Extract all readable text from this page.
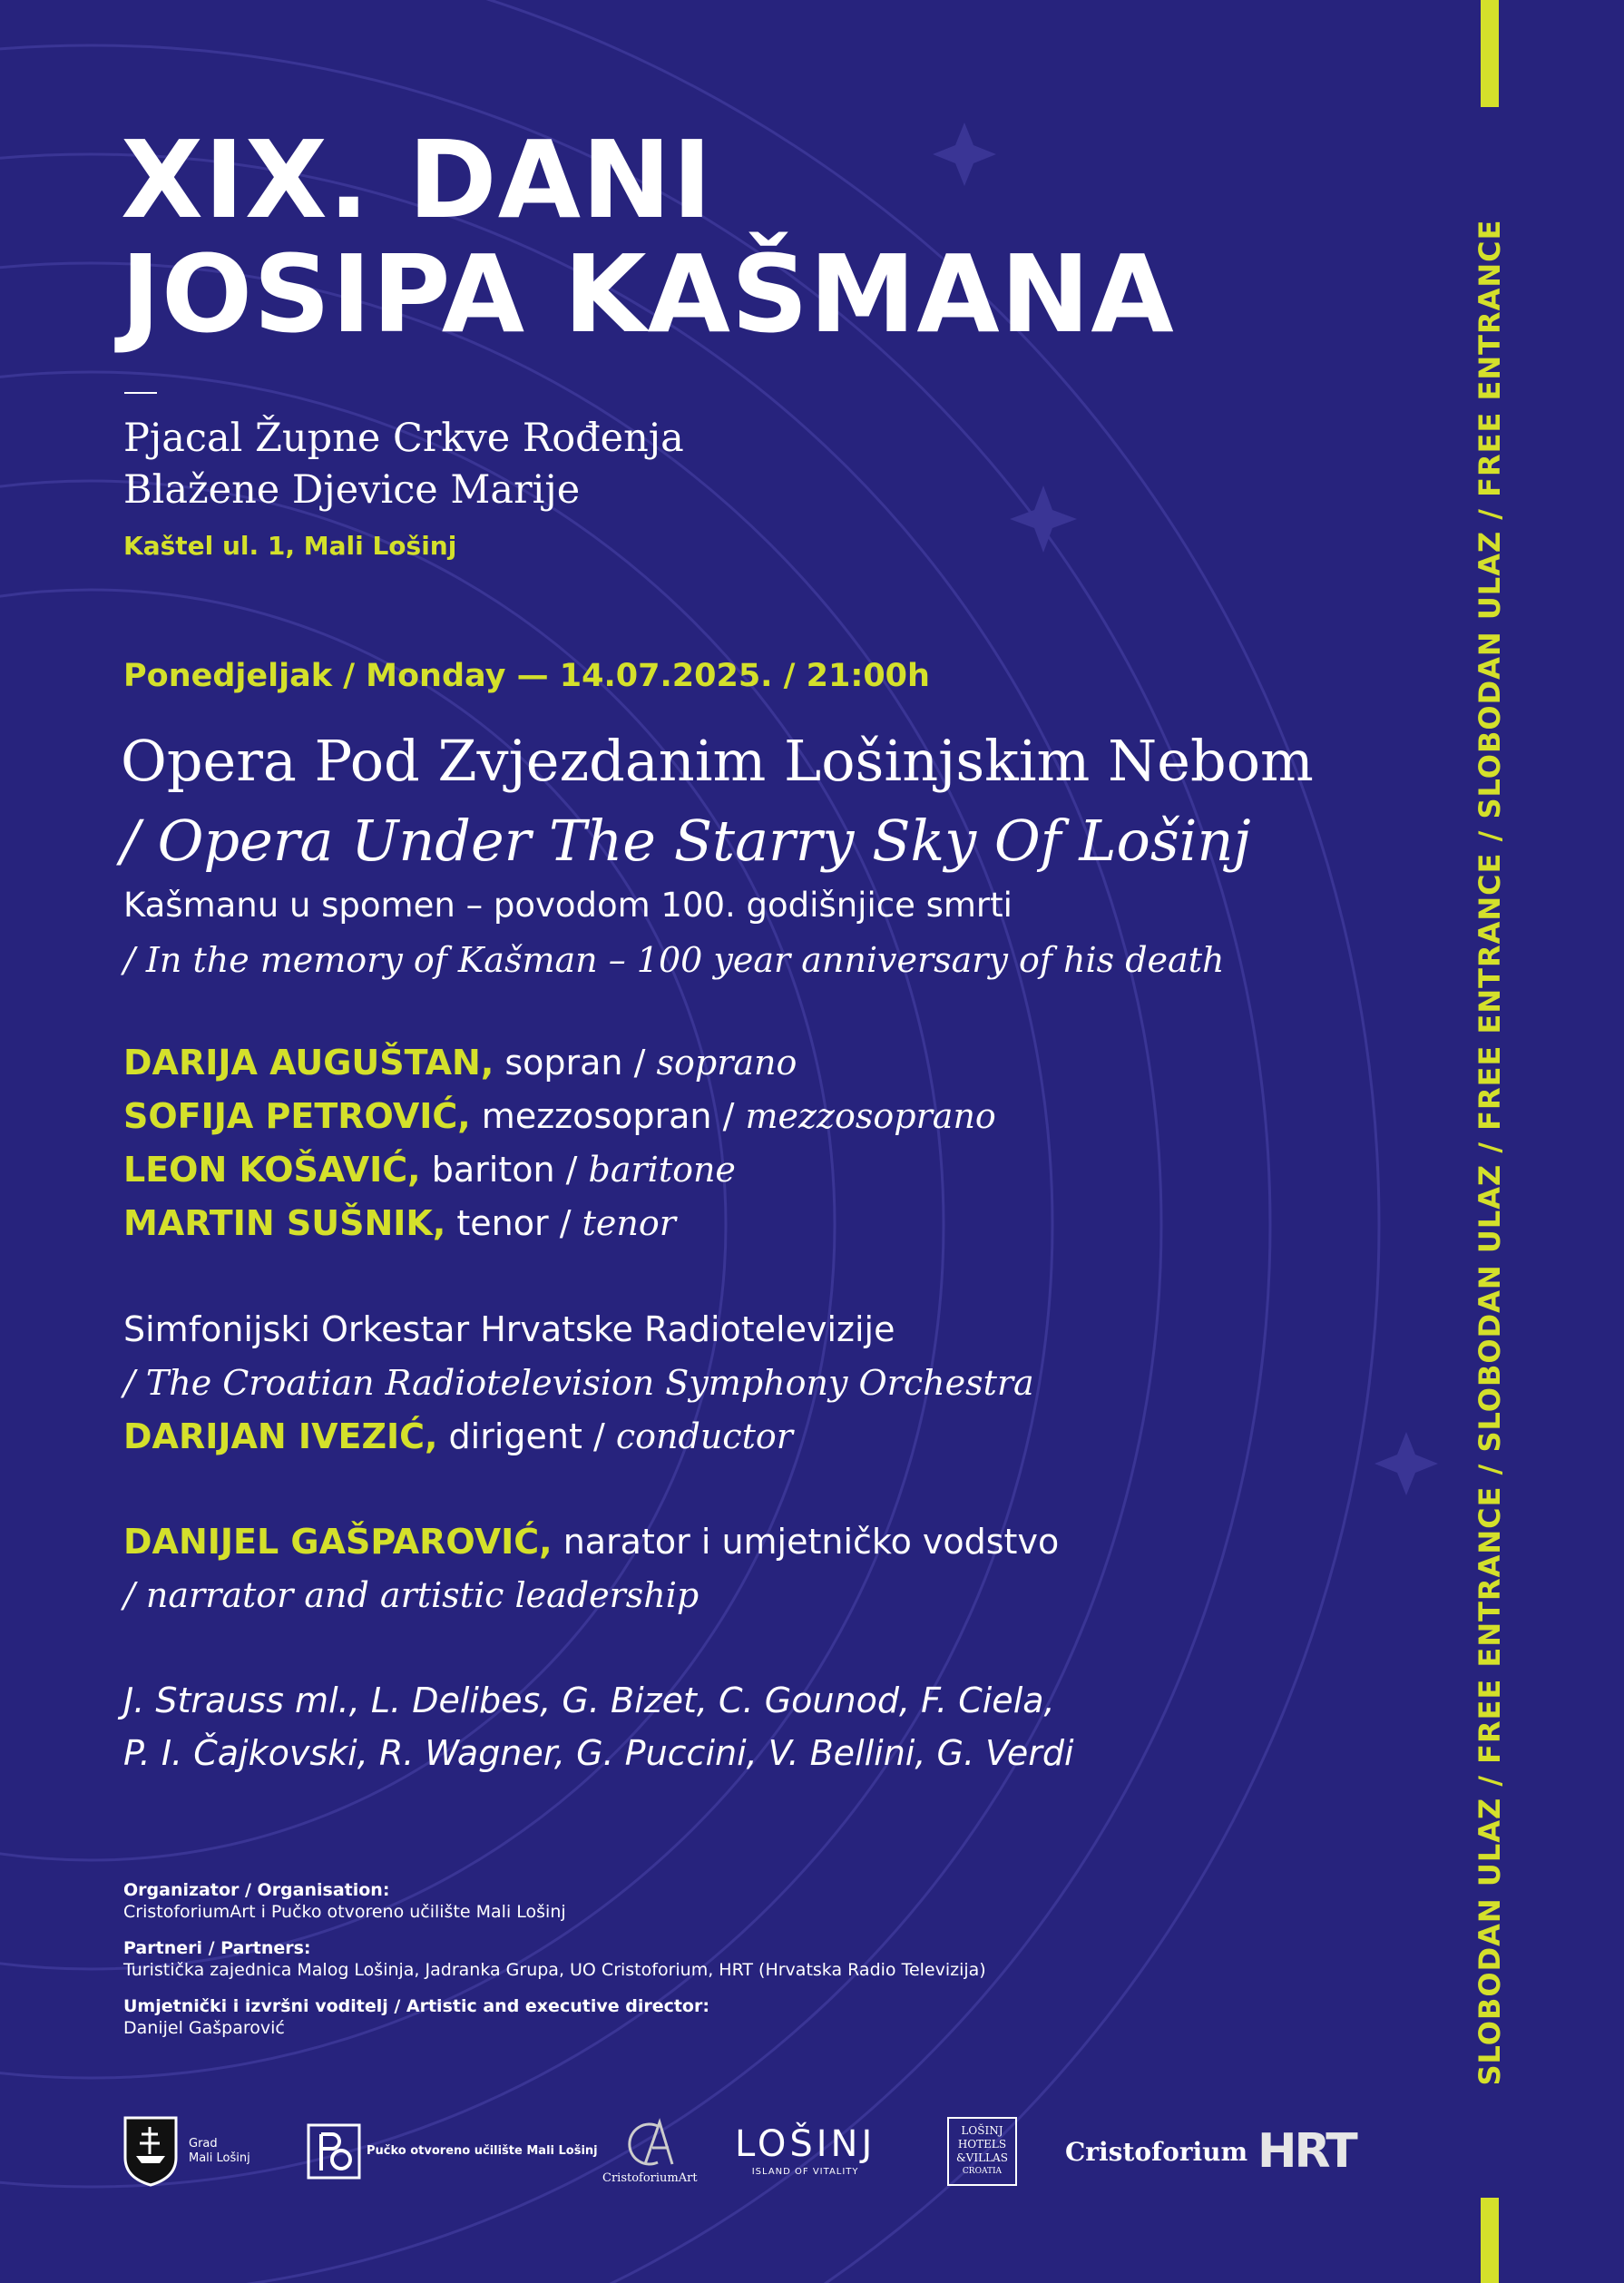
XIX. DANI
JOSIPA KAŠMANA
Pjacal Župne Crkve Rođenja
Blažene Djevice Marije
Kaštel ul. 1, Mali Lošinj
Ponedjeljak / Monday — 14.07.2025. / 21:00h
Opera Pod Zvjezdanim Lošinjskim Nebom
/ Opera Under The Starry Sky Of Lošinj
Kašmanu u spomen – povodom 100. godišnjice smrti
/ In the memory of Kašman – 100 year anniversary of his death
DARIJA AUGUŠTAN, sopran / soprano
SOFIJA PETROVIĆ, mezzosopran / mezzosoprano
LEON KOŠAVIĆ, bariton / baritone
MARTIN SUŠNIK, tenor / tenor
Simfonijski Orkestar Hrvatske Radiotelevizije
/ The Croatian Radiotelevision Symphony Orchestra
DARIJAN IVEZIĆ, dirigent / conductor
DANIJEL GAŠPAROVIĆ, narator i umjetničko vodstvo
/ narrator and artistic leadership
J. Strauss ml., L. Delibes, G. Bizet, C. Gounod, F. Ciela,
P. I. Čajkovski, R. Wagner, G. Puccini, V. Bellini, G. Verdi
Organizator / Organisation:
CristoforiumArt i Pučko otvoreno učilište Mali Lošinj
Partneri / Partners:
Turistička zajednica Malog Lošinja, Jadranka Grupa, UO Cristoforium, HRT (Hrvatska Radio Televizija)
Umjetnički i izvršni voditelj / Artistic and executive director:
Danijel Gašparović	SLOBODAN ULAZ / FREE ENTRANCE / SLOBODAN ULAZ / FREE ENTRANCE / SLOBODAN ULAZ / FREE ENTRANCE
Grad
Mali Lošinj
Pučko otvoreno učilište Mali Lošinj
CristoforiumArt
LOŠINJ
ISLAND OF VITALITY
LOŠINJ
HOTELS
&VILLAS
CROATIA
Cristoforium HRT
